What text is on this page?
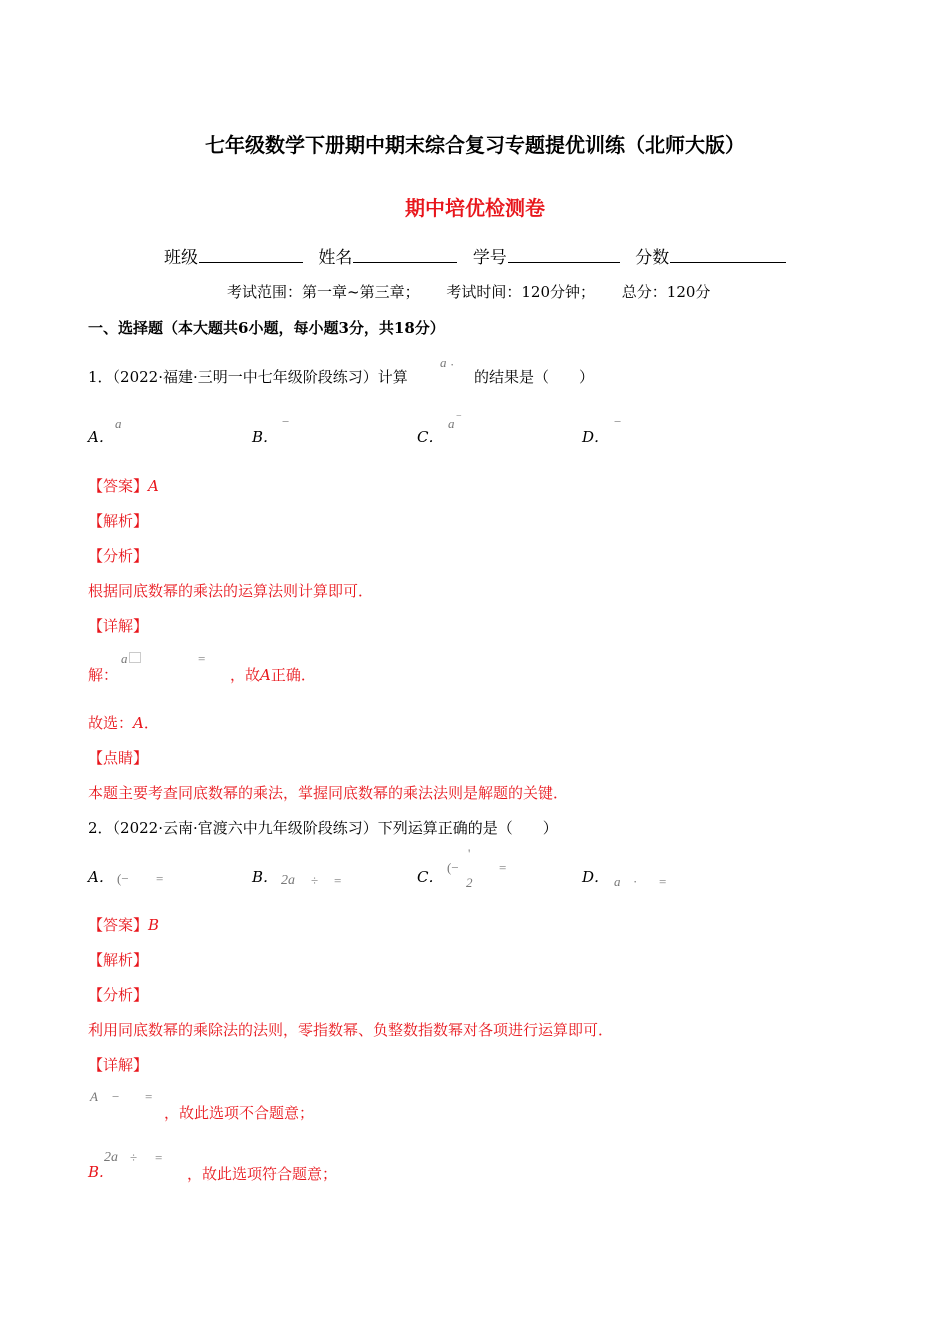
七年级数学下册期中期末综合复习专题提优训练（北师大版）
期中培优检测卷
班级	姓名	学号	分数
考试范围：第一章~第三章； 考试时间：120分钟； 总分：120分
一、选择题（本大题共6小题，每小题3分，共18分）
1．（2022·福建·三明一中七年级阶段练习）计算
a ·
的结果是（　　）
A．
a
B．
−
C．
a −
D．
−
【答案】A
【解析】
【分析】
根据同底数幂的乘法的运算法则计算即可．
【详解】
解：
a ⃞	=
，故A正确．
故选：A．
【点睛】
本题主要考查同底数幂的乘法，掌握同底数幂的乘法法则是解题的关键．
2．（2022·云南·官渡六中九年级阶段练习）下列运算正确的是（　　）
A． (− =	B． 2a ÷ =	C．
(−
'
2
=
D． a · =
【答案】B
【解析】
【分析】
利用同底数幂的乘除法的法则，零指数幂、负整数指数幂对各项进行运算即可．
【详解】
A − =
，故此选项不合题意；
B.
2a ÷ =
，故此选项符合题意；
